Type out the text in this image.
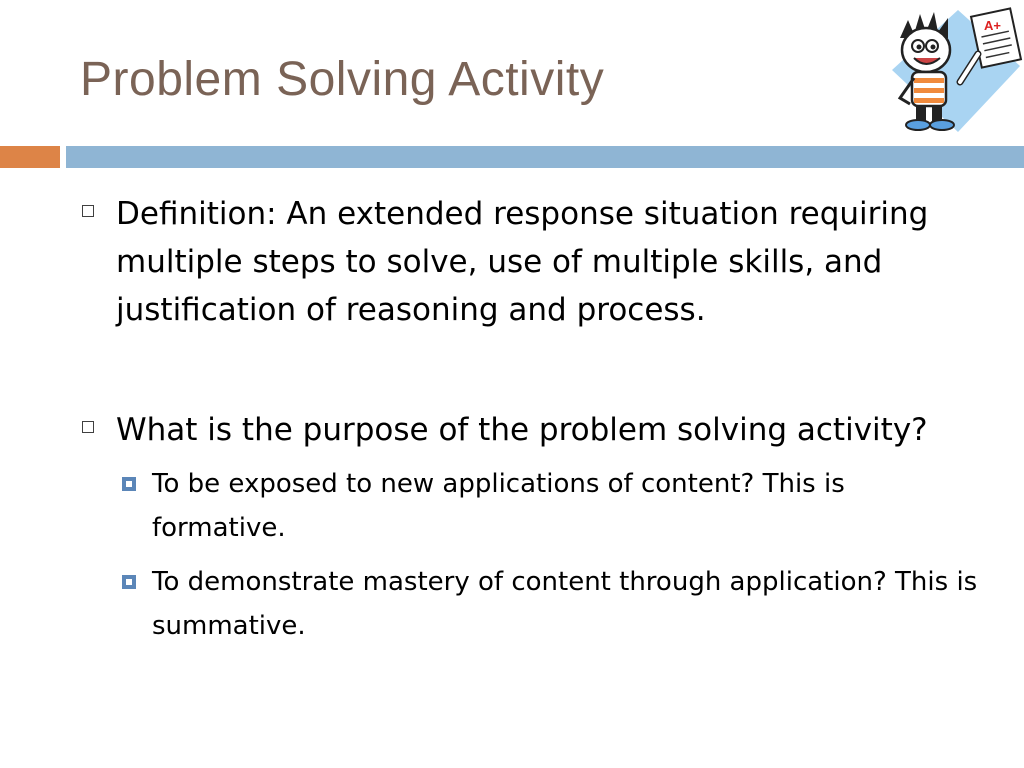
Problem Solving Activity
A+
Definition: An extended response situation requiring multiple steps to solve, use of multiple skills, and justification of reasoning and process.
What is the purpose of the problem solving activity?
To be exposed to new applications of content? This is formative.
To demonstrate mastery of content through application? This is summative.
